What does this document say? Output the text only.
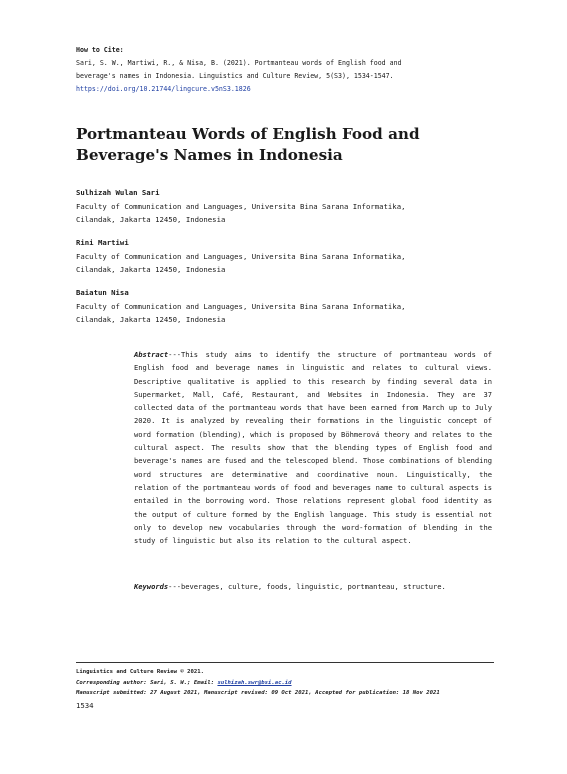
How to Cite:
Sari, S. W., Martiwi, R., & Nisa, B. (2021). Portmanteau words of English food and
beverage's names in Indonesia. Linguistics and Culture Review, 5(S3), 1534-1547.
https://doi.org/10.21744/lingcure.v5nS3.1826
Portmanteau Words of English Food and
Beverage's Names in Indonesia
Sulhizah Wulan Sari
Faculty of Communication and Languages, Universita Bina Sarana Informatika,
Cilandak, Jakarta 12450, Indonesia
Rini Martiwi
Faculty of Communication and Languages, Universita Bina Sarana Informatika,
Cilandak, Jakarta 12450, Indonesia
Baiatun Nisa
Faculty of Communication and Languages, Universita Bina Sarana Informatika,
Cilandak, Jakarta 12450, Indonesia
Abstract---This study aims to identify the structure of portmanteau words of English food and beverage names in linguistic and relates to cultural views. Descriptive qualitative is applied to this research by finding several data in Supermarket, Mall, Café, Restaurant, and Websites in Indonesia. They are 37 collected data of the portmanteau words that have been earned from March up to July 2020. It is analyzed by revealing their formations in the linguistic concept of word formation (blending), which is proposed by Böhmerová theory and relates to the cultural aspect. The results show that the blending types of English food and beverage's names are fused and the telescoped blend. Those combinations of blending word structures are determinative and coordinative noun. Linguistically, the relation of the portmanteau words of food and beverages name to cultural aspects is entailed in the borrowing word. Those relations represent global food identity as the output of culture formed by the English language. This study is essential not only to develop new vocabularies through the word-formation of blending in the study of linguistic but also its relation to the cultural aspect.
Keywords---beverages, culture, foods, linguistic, portmanteau, structure.
Linguistics and Culture Review © 2021.
Corresponding author: Sari, S. W.; Email: sulhizah.swr@bsi.ac.id
Manuscript submitted: 27 August 2021, Manuscript revised: 09 Oct 2021, Accepted for publication: 18 Nov 2021
1534
